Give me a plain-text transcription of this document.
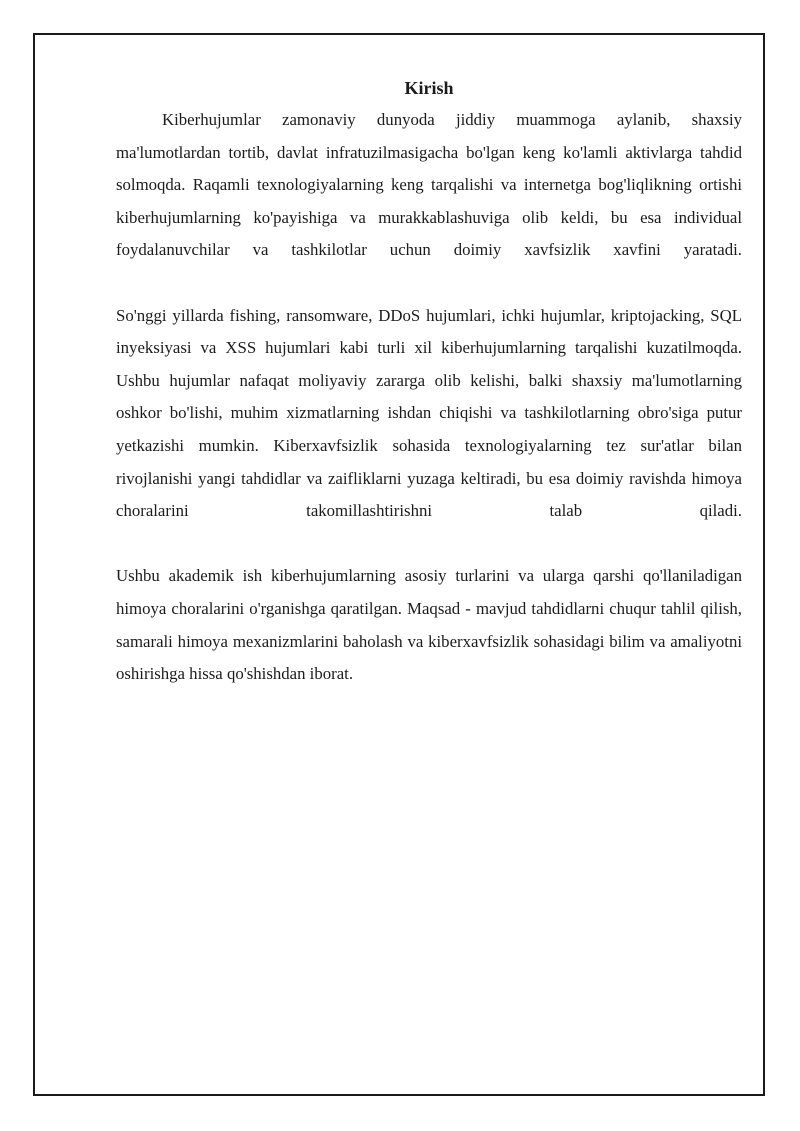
Kirish

Kiberhujumlar zamonaviy dunyoda jiddiy muammoga aylanib, shaxsiy ma'lumotlardan tortib, davlat infratuzilmasigacha bo'lgan keng ko'lamli aktivlarga tahdid solmoqda. Raqamli texnologiyalarning keng tarqalishi va internetga bog'liqlikning ortishi kiberhujumlarning ko'payishiga va murakkablashuviga olib keldi, bu esa individual foydalanuvchilar va tashkilotlar uchun doimiy xavfsizlik xavfini yaratadi.

So'nggi yillarda fishing, ransomware, DDoS hujumlari, ichki hujumlar, kriptojacking, SQL inyeksiyasi va XSS hujumlari kabi turli xil kiberhujumlarning tarqalishi kuzatilmoqda. Ushbu hujumlar nafaqat moliyaviy zararga olib kelishi, balki shaxsiy ma'lumotlarning oshkor bo'lishi, muhim xizmatlarning ishdan chiqishi va tashkilotlarning obro'siga putur yetkazishi mumkin. Kiberxavfsizlik sohasida texnologiyalarning tez sur'atlar bilan rivojlanishi yangi tahdidlar va zaifliklarni yuzaga keltiradi, bu esa doimiy ravishda himoya choralarini takomillashtirishni talab qiladi.

Ushbu akademik ish kiberhujumlarning asosiy turlarini va ularga qarshi qo'llaniladigan himoya choralarini o'rganishga qaratilgan. Maqsad - mavjud tahdidlarni chuqur tahlil qilish, samarali himoya mexanizmlarini baholash va kiberxavfsizlik sohasidagi bilim va amaliyotni oshirishga hissa qo'shishdan iborat.
